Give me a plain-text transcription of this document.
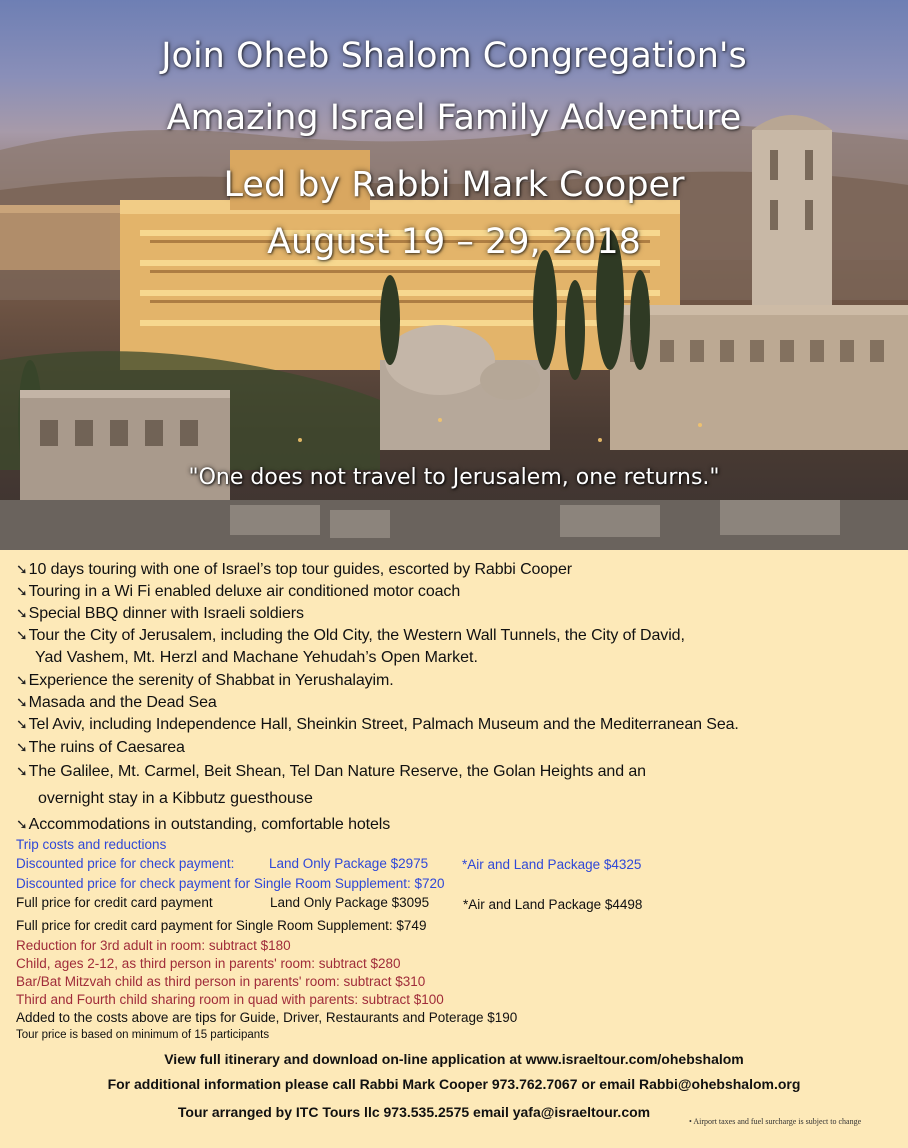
Join Oheb Shalom Congregation's
Amazing Israel Family Adventure
Led by Rabbi Mark Cooper
August 19 – 29, 2018
"One does not travel to Jerusalem, one returns."
➘10 days touring with one of Israel’s top tour guides, escorted by Rabbi Cooper
➘Touring in a Wi Fi enabled deluxe air conditioned motor coach
➘Special BBQ dinner with Israeli soldiers
➘Tour the City of Jerusalem, including the Old City, the Western Wall Tunnels, the City of David,
Yad Vashem, Mt. Herzl and Machane Yehudah’s Open Market.
➘Experience the serenity of Shabbat in Yerushalayim.
➘Masada and the Dead Sea
➘Tel Aviv, including Independence Hall, Sheinkin Street, Palmach Museum and the Mediterranean Sea.
➘The ruins of Caesarea
➘The Galilee, Mt. Carmel, Beit Shean, Tel Dan Nature Reserve, the Golan Heights and an
overnight stay in a Kibbutz guesthouse
➘Accommodations in outstanding, comfortable hotels
Trip costs and reductions
Discounted price for check payment:	Land Only Package $2975	*Air and Land Package $4325
Discounted price for check payment for Single Room Supplement: $720
Full price for credit card payment	Land Only Package $3095	*Air and Land Package $4498
Full price for credit card payment for Single Room Supplement: $749
Reduction for 3rd adult in room: subtract $180
Child, ages 2-12, as third person in parents' room: subtract $280
Bar/Bat Mitzvah child as third person in parents' room: subtract $310
Third and Fourth child sharing room in quad with parents: subtract $100
Added to the costs above are tips for Guide, Driver, Restaurants and Poterage $190
Tour price is based on minimum of 15 participants
View full itinerary and download on-line application at www.israeltour.com/ohebshalom
For additional information please call Rabbi Mark Cooper 973.762.7067 or email Rabbi@ohebshalom.org
Tour arranged by ITC Tours llc 973.535.2575 email yafa@israeltour.com
• Airport taxes and fuel surcharge is subject to change
